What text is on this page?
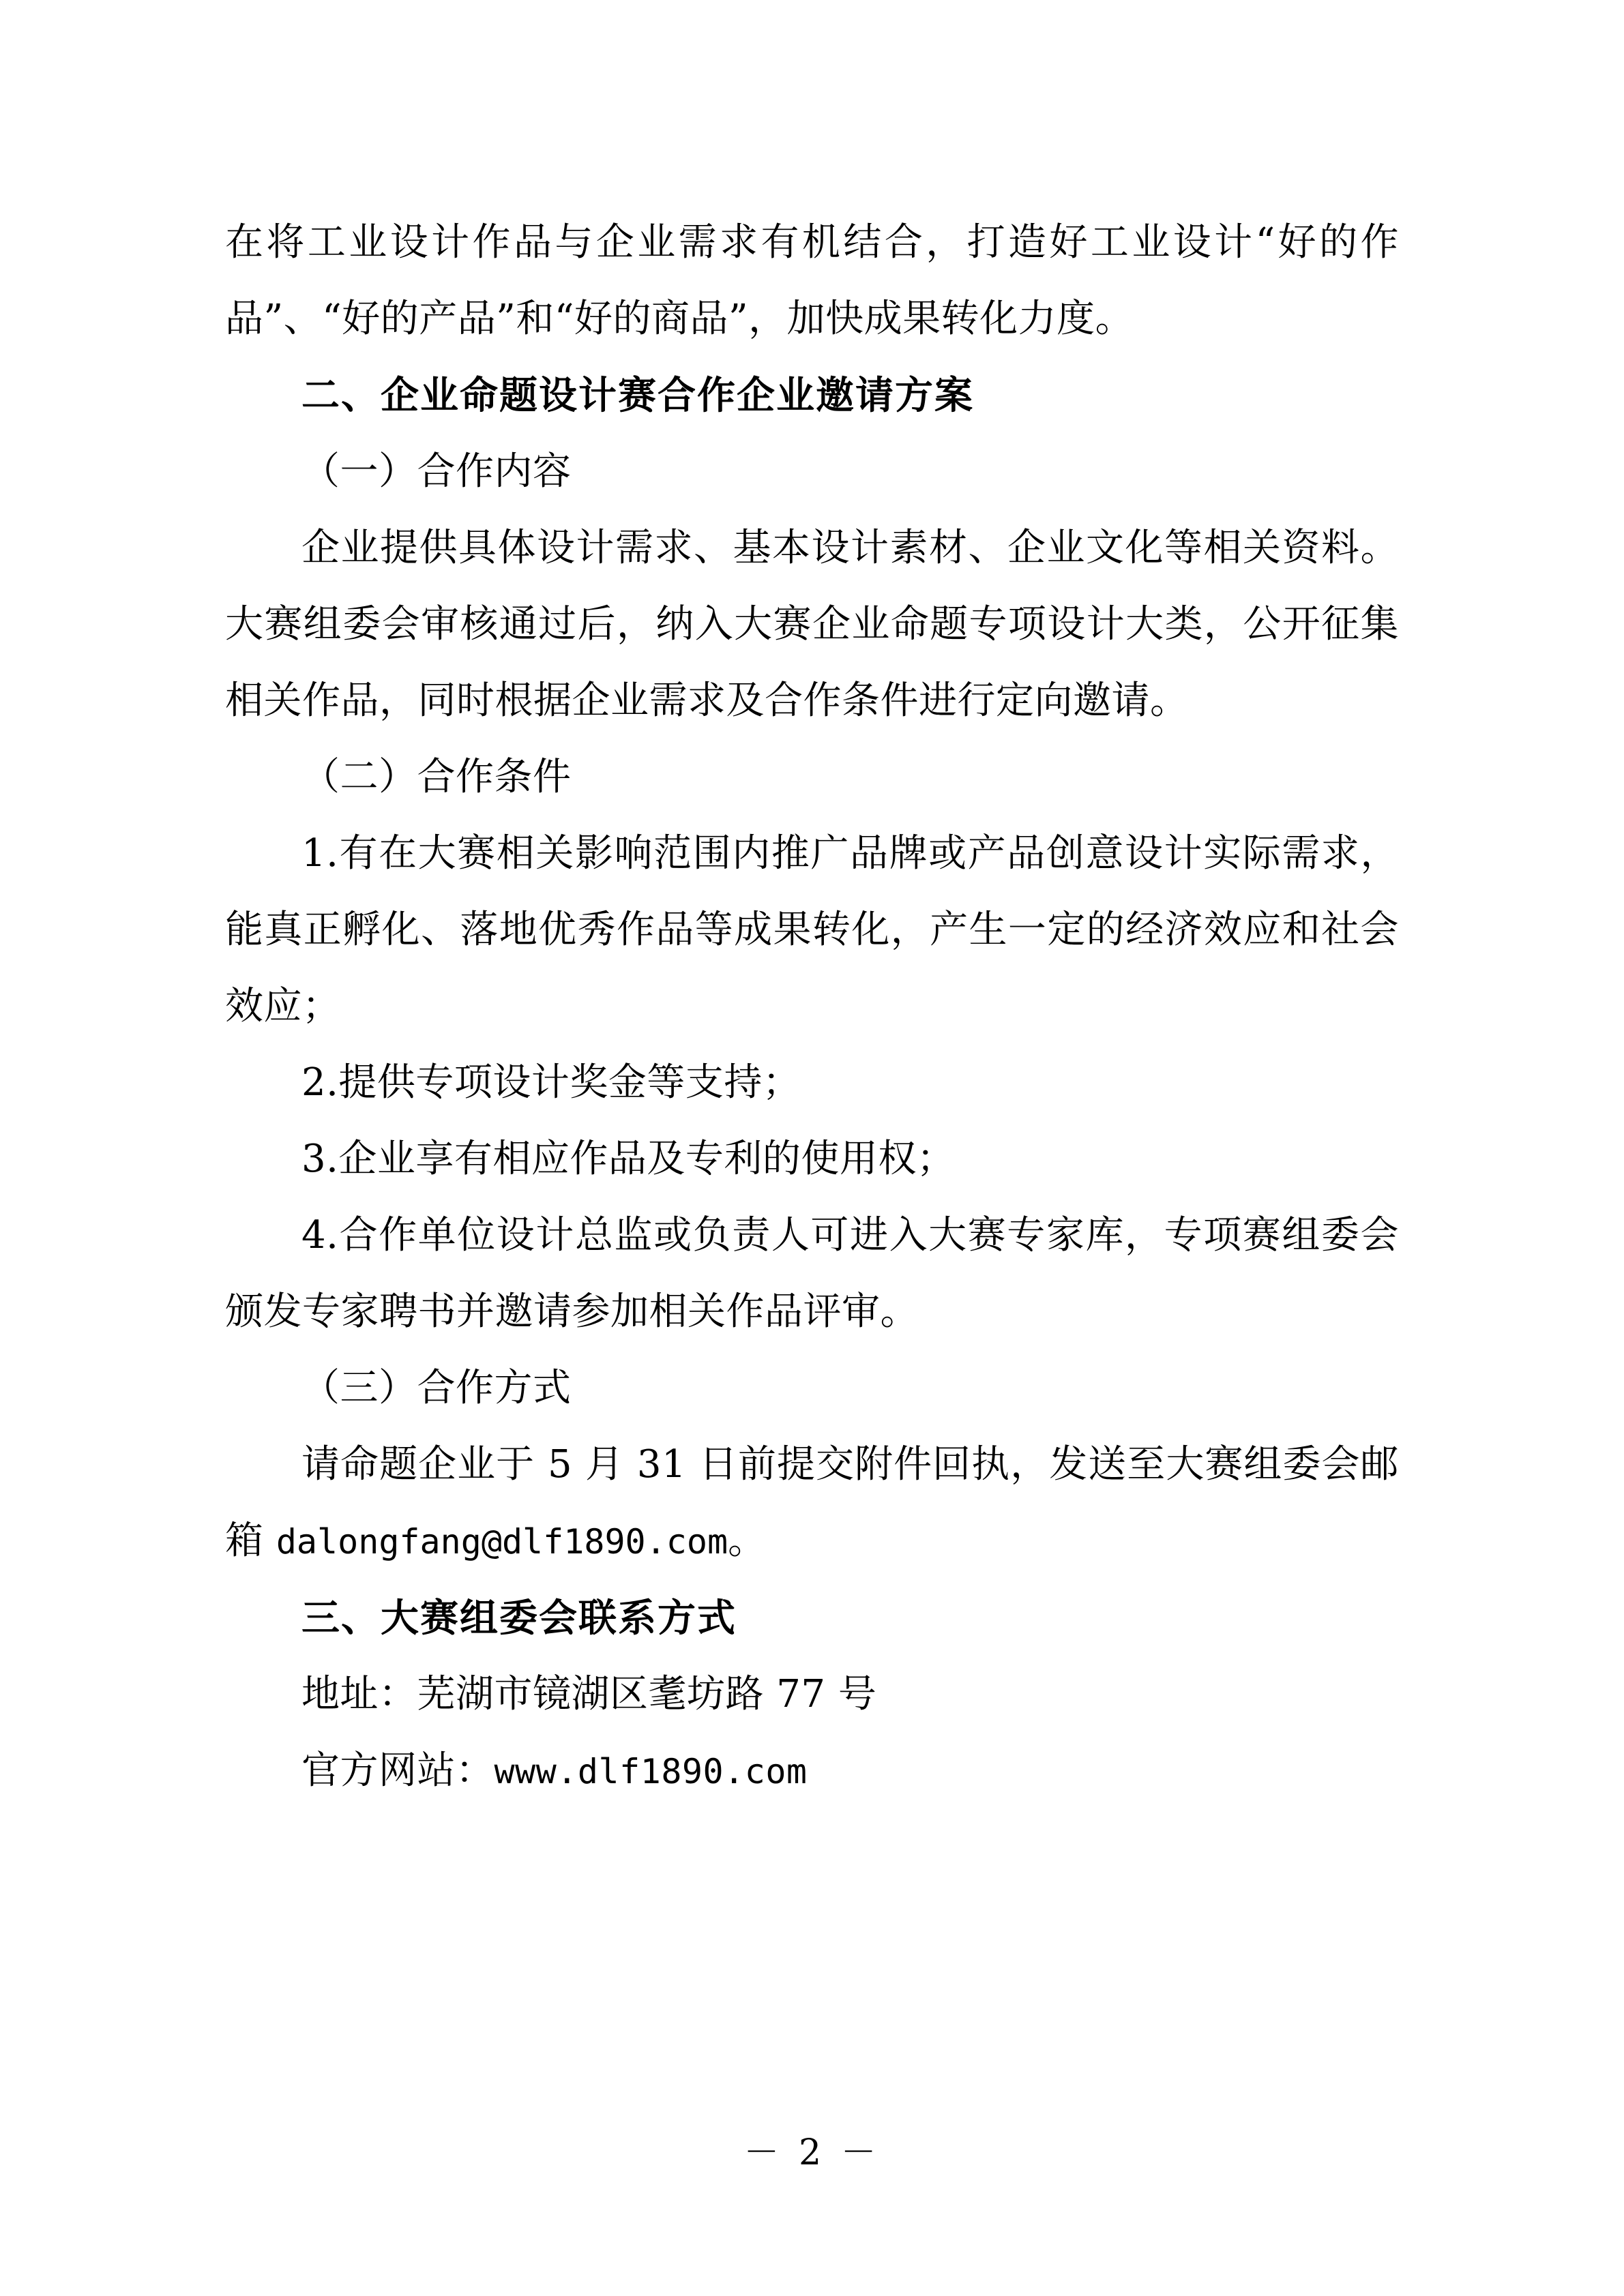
在将工业设计作品与企业需求有机结合，打造好工业设计“好的作品”、“好的产品”和“好的商品”，加快成果转化力度。

二、企业命题设计赛合作企业邀请方案

（一）合作内容

企业提供具体设计需求、基本设计素材、企业文化等相关资料。大赛组委会审核通过后，纳入大赛企业命题专项设计大类，公开征集相关作品，同时根据企业需求及合作条件进行定向邀请。

（二）合作条件

1.有在大赛相关影响范围内推广品牌或产品创意设计实际需求，能真正孵化、落地优秀作品等成果转化，产生一定的经济效应和社会效应；

2.提供专项设计奖金等支持；

3.企业享有相应作品及专利的使用权；

4.合作单位设计总监或负责人可进入大赛专家库，专项赛组委会颁发专家聘书并邀请参加相关作品评审。

（三）合作方式

请命题企业于 5 月 31 日前提交附件回执，发送至大赛组委会邮箱 dalongfang@dlf1890.com。

三、大赛组委会联系方式

地址：芜湖市镜湖区耄坊路 77 号

官方网站：www.dlf1890.com

－ 2 －
